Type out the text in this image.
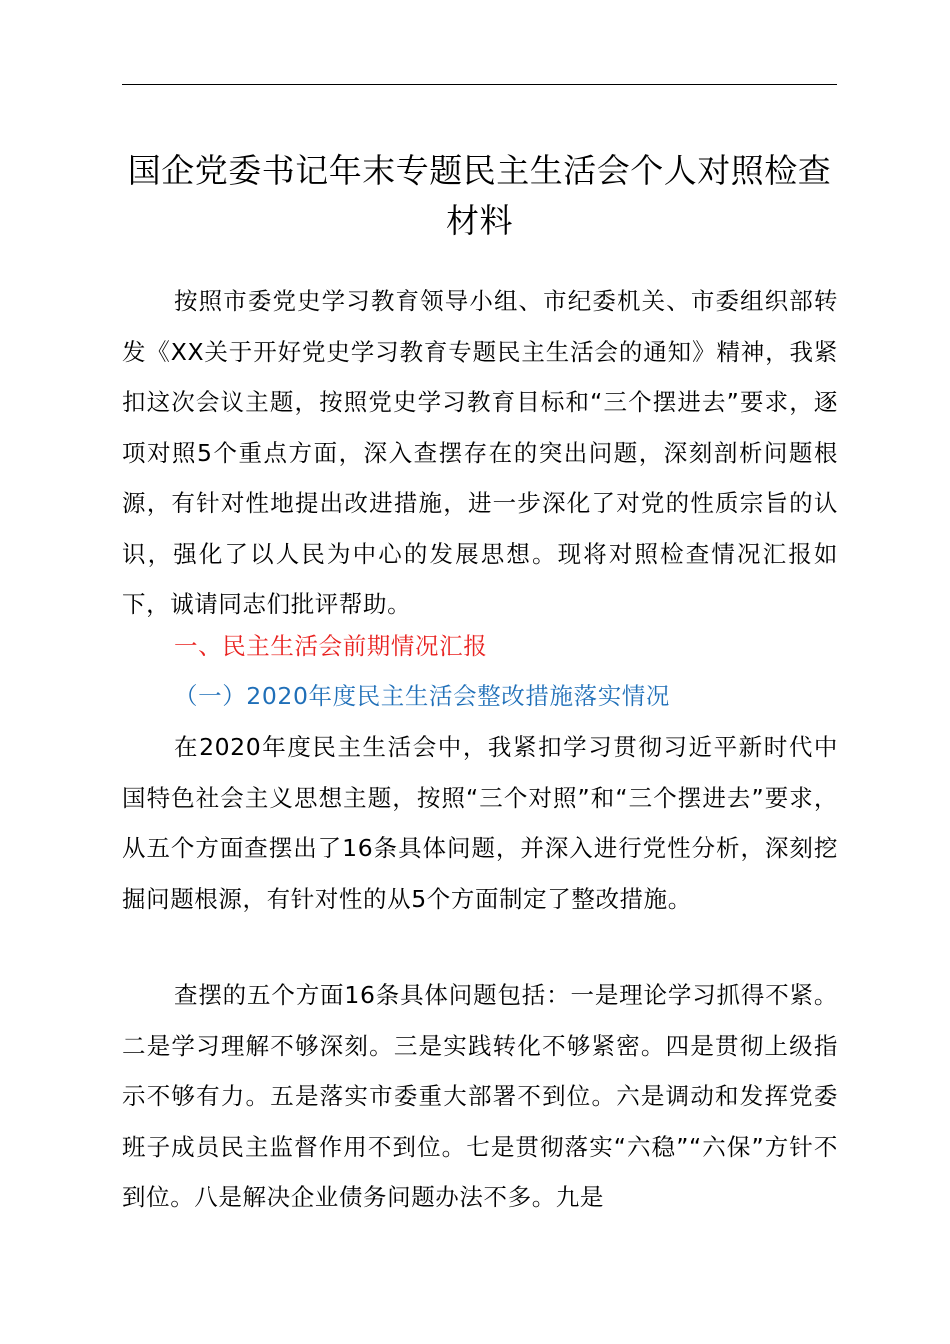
国企党委书记年末专题民主生活会个人对照检查材料

按照市委党史学习教育领导小组、市纪委机关、市委组织部转发《XX关于开好党史学习教育专题民主生活会的通知》精神，我紧扣这次会议主题，按照党史学习教育目标和“三个摆进去”要求，逐项对照5个重点方面，深入查摆存在的突出问题，深刻剖析问题根源，有针对性地提出改进措施，进一步深化了对党的性质宗旨的认识，强化了以人民为中心的发展思想。现将对照检查情况汇报如下，诚请同志们批评帮助。

一、民主生活会前期情况汇报
（一）2020年度民主生活会整改措施落实情况

在2020年度民主生活会中，我紧扣学习贯彻习近平新时代中国特色社会主义思想主题，按照“三个对照”和“三个摆进去”要求，从五个方面查摆出了16条具体问题，并深入进行党性分析，深刻挖掘问题根源，有针对性的从5个方面制定了整改措施。

查摆的五个方面16条具体问题包括：一是理论学习抓得不紧。二是学习理解不够深刻。三是实践转化不够紧密。四是贯彻上级指示不够有力。五是落实市委重大部署不到位。六是调动和发挥党委班子成员民主监督作用不到位。七是贯彻落实“六稳”“六保”方针不到位。八是解决企业债务问题办法不多。九是
